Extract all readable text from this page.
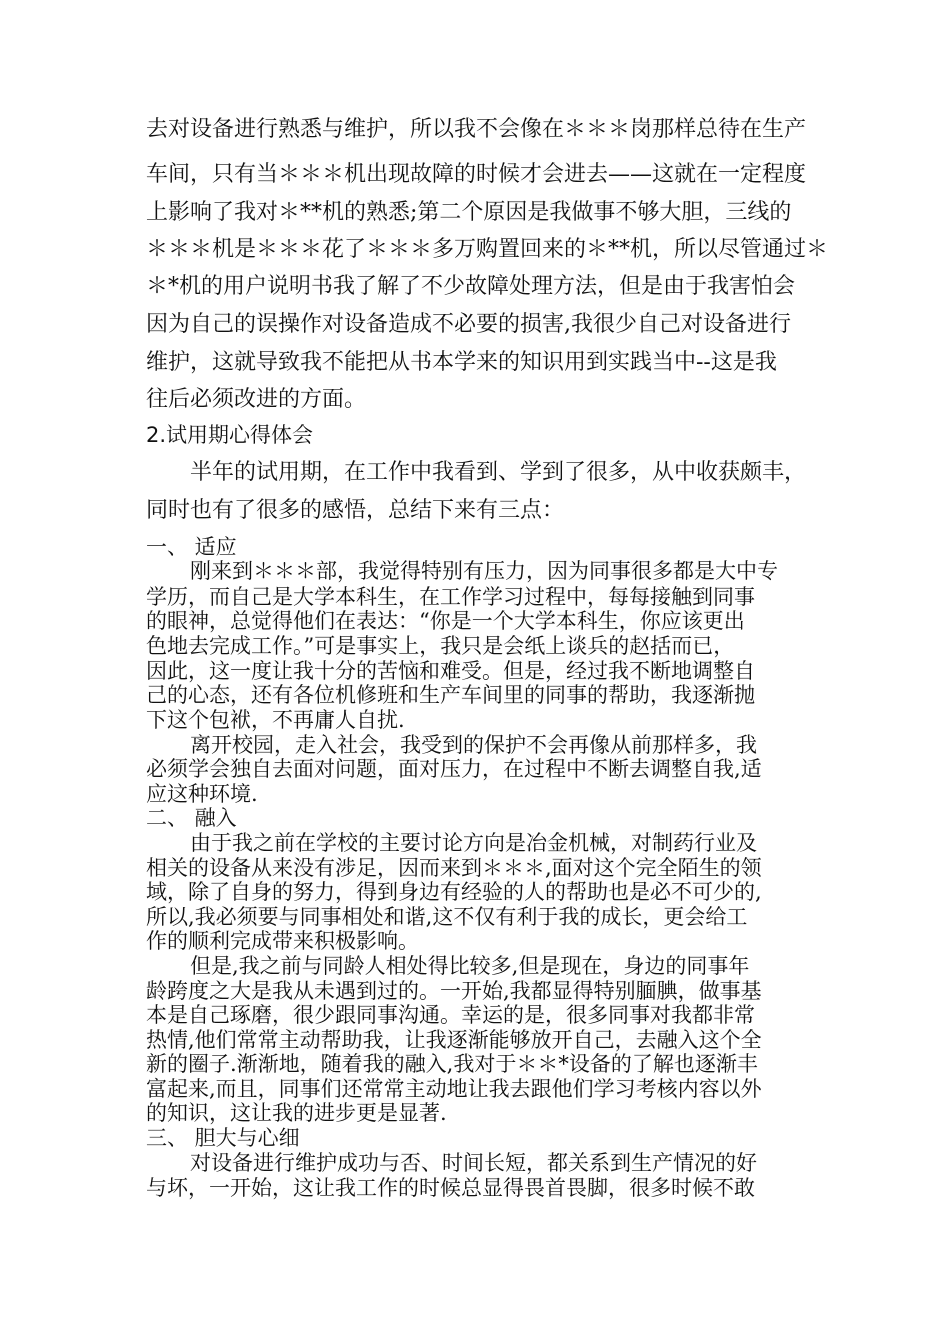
去对设备进行熟悉与维护，所以我不会像在＊＊＊岗那样总待在生产

车间，只有当＊＊＊机出现故障的时候才会进去——这就在一定程度

上影响了我对＊**机的熟悉;第二个原因是我做事不够大胆，三线的

＊＊＊机是＊＊＊花了＊＊＊多万购置回来的＊**机，所以尽管通过＊

＊*机的用户说明书我了解了不少故障处理方法，但是由于我害怕会

因为自己的误操作对设备造成不必要的损害,我很少自己对设备进行

维护，这就导致我不能把从书本学来的知识用到实践当中--这是我

往后必须改进的方面。

2.试用期心得体会

半年的试用期，在工作中我看到、学到了很多，从中收获颇丰，

同时也有了很多的感悟，总结下来有三点：

一、 适应

刚来到＊＊＊部，我觉得特别有压力，因为同事很多都是大中专

学历，而自己是大学本科生，在工作学习过程中，每每接触到同事

的眼神，总觉得他们在表达：“你是一个大学本科生，你应该更出

色地去完成工作。”可是事实上，我只是会纸上谈兵的赵括而已，

因此，这一度让我十分的苦恼和难受。但是，经过我不断地调整自

己的心态，还有各位机修班和生产车间里的同事的帮助，我逐渐抛

下这个包袱，不再庸人自扰.

离开校园，走入社会，我受到的保护不会再像从前那样多，我

必须学会独自去面对问题，面对压力，在过程中不断去调整自我,适

应这种环境.

二、 融入

由于我之前在学校的主要讨论方向是冶金机械，对制药行业及

相关的设备从来没有涉足，因而来到＊＊＊,面对这个完全陌生的领

域，除了自身的努力，得到身边有经验的人的帮助也是必不可少的,

所以,我必须要与同事相处和谐,这不仅有利于我的成长，更会给工

作的顺利完成带来积极影响。

但是,我之前与同龄人相处得比较多,但是现在，身边的同事年

龄跨度之大是我从未遇到过的。一开始,我都显得特别腼腆，做事基

本是自己琢磨，很少跟同事沟通。幸运的是，很多同事对我都非常

热情,他们常常主动帮助我，让我逐渐能够放开自己，去融入这个全

新的圈子.渐渐地，随着我的融入,我对于＊＊*设备的了解也逐渐丰

富起来,而且，同事们还常常主动地让我去跟他们学习考核内容以外

的知识，这让我的进步更是显著.

三、 胆大与心细

对设备进行维护成功与否、时间长短，都关系到生产情况的好

与坏，一开始，这让我工作的时候总显得畏首畏脚，很多时候不敢
